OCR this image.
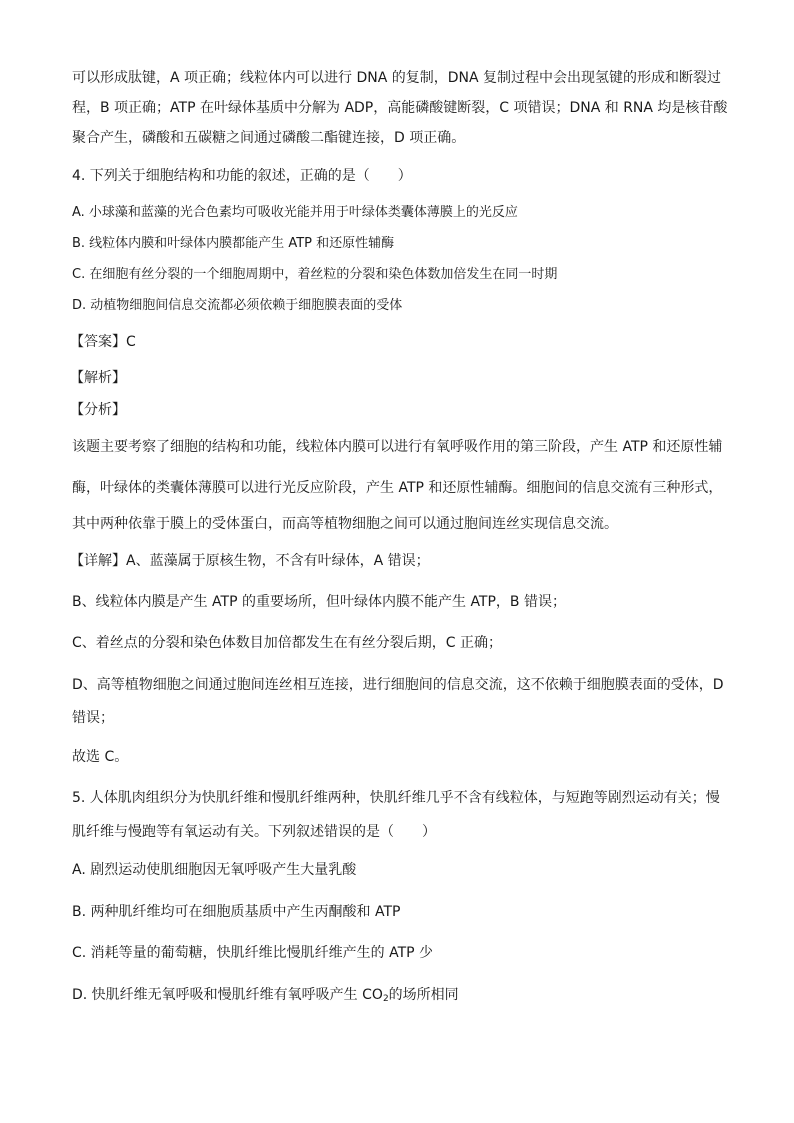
可以形成肽键，A 项正确；线粒体内可以进行 DNA 的复制，DNA 复制过程中会出现氢键的形成和断裂过

程，B 项正确；ATP 在叶绿体基质中分解为 ADP，高能磷酸键断裂，C 项错误；DNA 和 RNA 均是核苷酸

聚合产生，磷酸和五碳糖之间通过磷酸二酯键连接，D 项正确。

4. 下列关于细胞结构和功能的叙述，正确的是（　　）

A. 小球藻和蓝藻的光合色素均可吸收光能并用于叶绿体类囊体薄膜上的光反应

B. 线粒体内膜和叶绿体内膜都能产生 ATP 和还原性辅酶

C. 在细胞有丝分裂的一个细胞周期中，着丝粒的分裂和染色体数加倍发生在同一时期

D. 动植物细胞间信息交流都必须依赖于细胞膜表面的受体

【答案】C

【解析】

【分析】

该题主要考察了细胞的结构和功能，线粒体内膜可以进行有氧呼吸作用的第三阶段，产生 ATP 和还原性辅

酶，叶绿体的类囊体薄膜可以进行光反应阶段，产生 ATP 和还原性辅酶。细胞间的信息交流有三种形式，

其中两种依靠于膜上的受体蛋白，而高等植物细胞之间可以通过胞间连丝实现信息交流。

【详解】A、蓝藻属于原核生物，不含有叶绿体，A 错误；

B、线粒体内膜是产生 ATP 的重要场所，但叶绿体内膜不能产生 ATP，B 错误；

C、着丝点的分裂和染色体数目加倍都发生在有丝分裂后期，C 正确；

D、高等植物细胞之间通过胞间连丝相互连接，进行细胞间的信息交流，这不依赖于细胞膜表面的受体，D

错误；

故选 C。

5. 人体肌肉组织分为快肌纤维和慢肌纤维两种，快肌纤维几乎不含有线粒体，与短跑等剧烈运动有关；慢

肌纤维与慢跑等有氧运动有关。下列叙述错误的是（　　）

A. 剧烈运动使肌细胞因无氧呼吸产生大量乳酸

B. 两种肌纤维均可在细胞质基质中产生丙酮酸和 ATP

C. 消耗等量的葡萄糖，快肌纤维比慢肌纤维产生的 ATP 少

D. 快肌纤维无氧呼吸和慢肌纤维有氧呼吸产生 $CO_2$的场所相同
